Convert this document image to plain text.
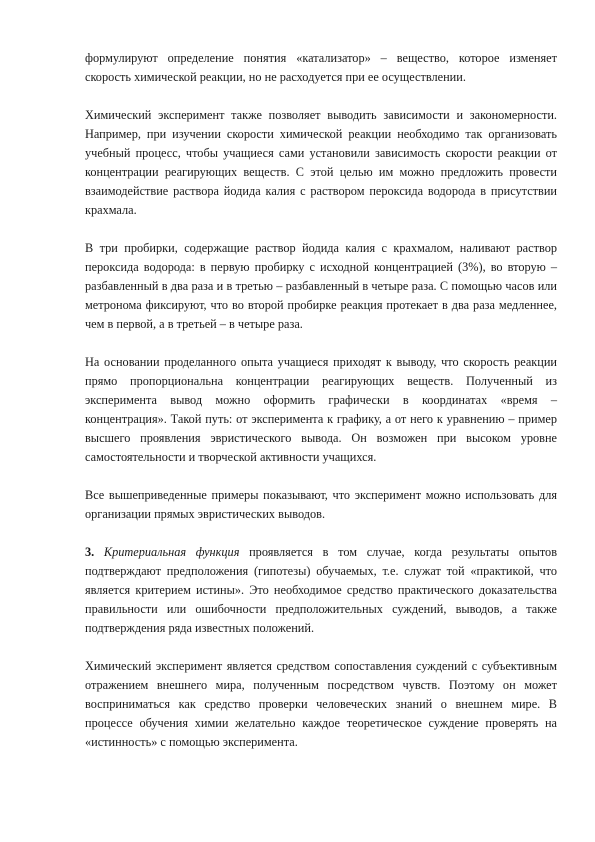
формулируют определение понятия «катализатор» – вещество, которое изменяет скорость химической реакции, но не расходуется при ее осуществлении.

Химический эксперимент также позволяет выводить зависимости и закономерности. Например, при изучении скорости химической реакции необходимо так организовать учебный процесс, чтобы учащиеся сами установили зависимость скорости реакции от концентрации реагирующих веществ. С этой целью им можно предложить провести взаимодействие раствора йодида калия с раствором пероксида водорода в присутствии крахмала.

В три пробирки, содержащие раствор йодида калия с крахмалом, наливают раствор пероксида водорода: в первую пробирку с исходной концентрацией (3%), во вторую – разбавленный в два раза и в третью – разбавленный в четыре раза. С помощью часов или метронома фиксируют, что во второй пробирке реакция протекает в два раза медленнее, чем в первой, а в третьей – в четыре раза.

На основании проделанного опыта учащиеся приходят к выводу, что скорость реакции прямо пропорциональна концентрации реагирующих веществ. Полученный из эксперимента вывод можно оформить графически в координатах «время – концентрация». Такой путь: от эксперимента к графику, а от него к уравнению – пример высшего проявления эвристического вывода. Он возможен при высоком уровне самостоятельности и творческой активности учащихся.

Все вышеприведенные примеры показывают, что эксперимент можно использовать для организации прямых эвристических выводов.

3. Критериальная функция проявляется в том случае, когда результаты опытов подтверждают предположения (гипотезы) обучаемых, т.е. служат той «практикой, что является критерием истины». Это необходимое средство практического доказательства правильности или ошибочности предположительных суждений, выводов, а также подтверждения ряда известных положений.

Химический эксперимент является средством сопоставления суждений с субъективным отражением внешнего мира, полученным посредством чувств. Поэтому он может восприниматься как средство проверки человеческих знаний о внешнем мире. В процессе обучения химии желательно каждое теоретическое суждение проверять на «истинность» с помощью эксперимента.
